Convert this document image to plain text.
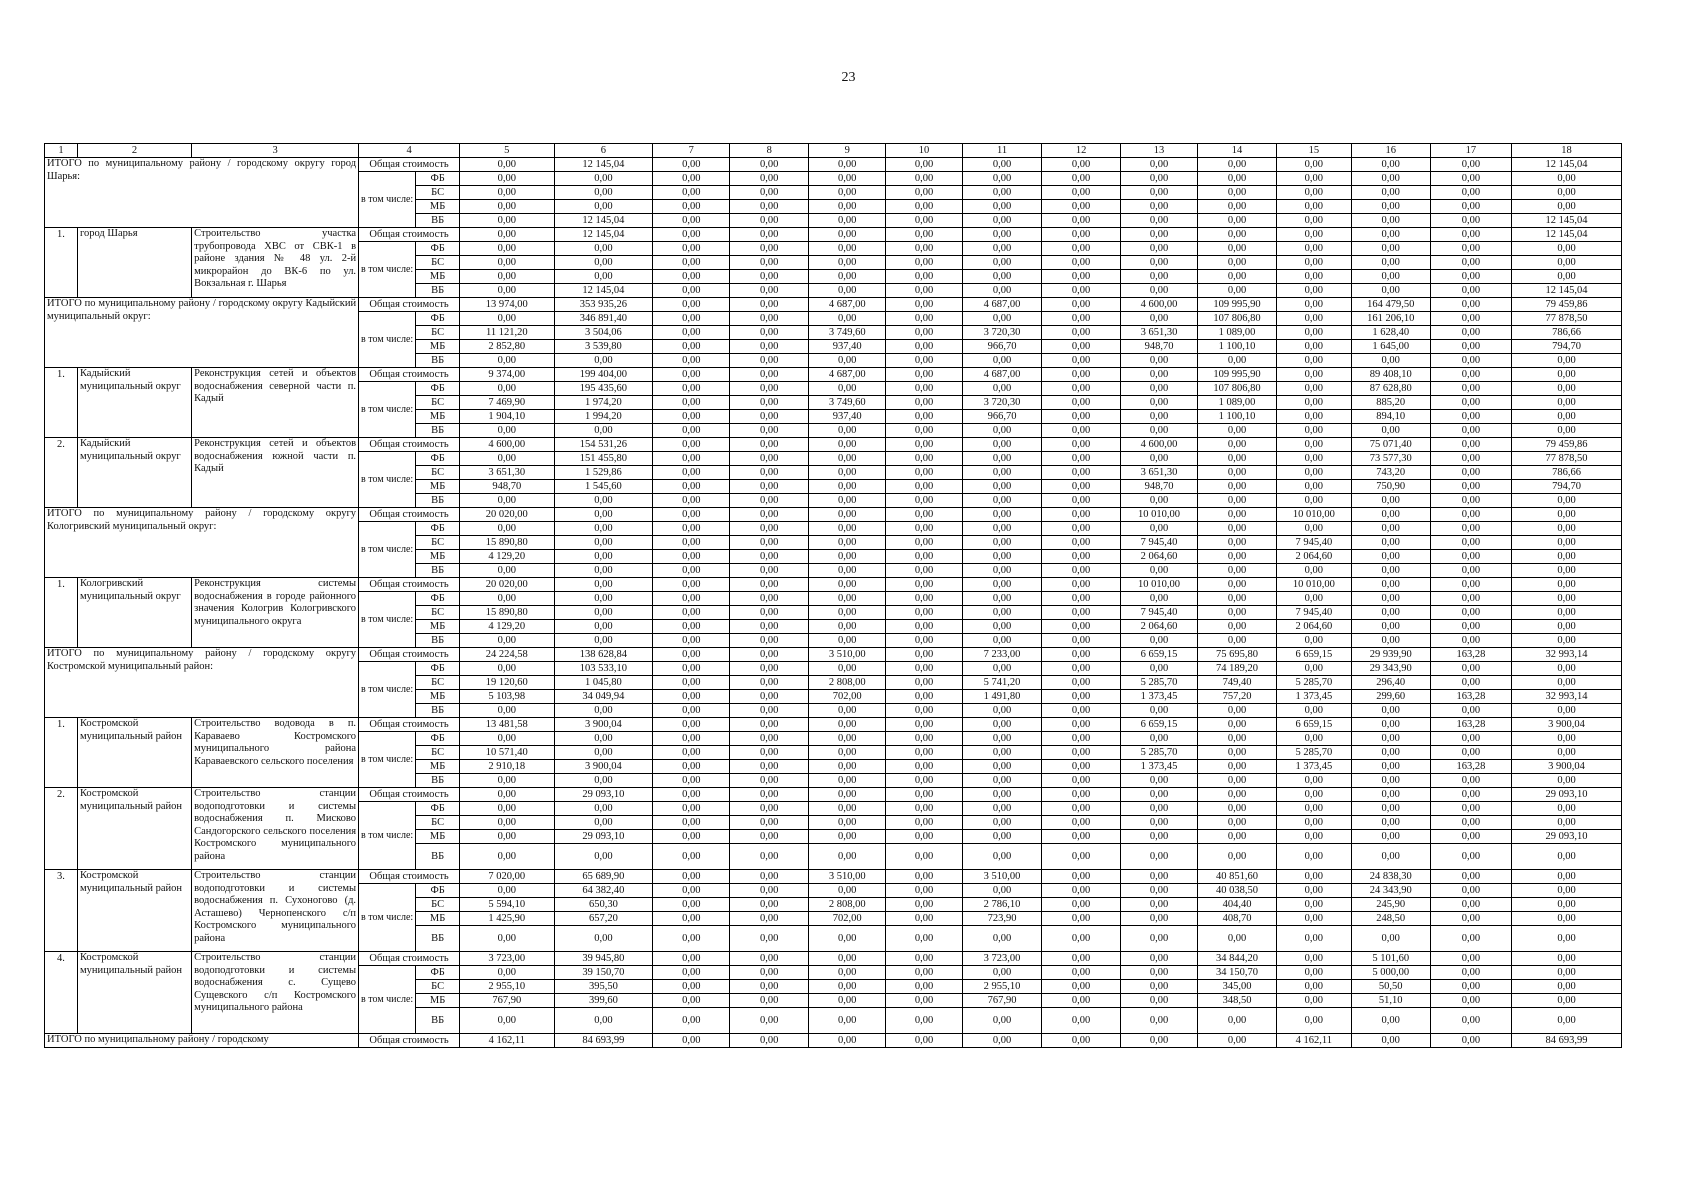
23
1	2	3	4		5	6	7	8	9	10	11	12	13	14	15	16	17	18
ИТОГО по муниципальному району / городскому округу город Шарья:			Общая стоимость		0,00	12 145,04	0,00	0,00	0,00	0,00	0,00	0,00	0,00	0,00	0,00	0,00	0,00	12 145,04
			в том числе:	ФБ	0,00	0,00	0,00	0,00	0,00	0,00	0,00	0,00	0,00	0,00	0,00	0,00	0,00	0,00
				БС	0,00	0,00	0,00	0,00	0,00	0,00	0,00	0,00	0,00	0,00	0,00	0,00	0,00	0,00
				МБ	0,00	0,00	0,00	0,00	0,00	0,00	0,00	0,00	0,00	0,00	0,00	0,00	0,00	0,00
				ВБ	0,00	12 145,04	0,00	0,00	0,00	0,00	0,00	0,00	0,00	0,00	0,00	0,00	0,00	12 145,04
1.	город Шарья	Строительство участка трубопровода ХВС от СВК-1 в районе здания № 48 ул. 2-й микрорайон до ВК-6 по ул. Вокзальная г. Шарья	Общая стоимость		0,00	12 145,04	0,00	0,00	0,00	0,00	0,00	0,00	0,00	0,00	0,00	0,00	0,00	12 145,04
			в том числе:	ФБ	0,00	0,00	0,00	0,00	0,00	0,00	0,00	0,00	0,00	0,00	0,00	0,00	0,00	0,00
				БС	0,00	0,00	0,00	0,00	0,00	0,00	0,00	0,00	0,00	0,00	0,00	0,00	0,00	0,00
				МБ	0,00	0,00	0,00	0,00	0,00	0,00	0,00	0,00	0,00	0,00	0,00	0,00	0,00	0,00
				ВБ	0,00	12 145,04	0,00	0,00	0,00	0,00	0,00	0,00	0,00	0,00	0,00	0,00	0,00	12 145,04
ИТОГО по муниципальному району / городскому округу Кадыйский муниципальный округ:			Общая стоимость		13 974,00	353 935,26	0,00	0,00	4 687,00	0,00	4 687,00	0,00	4 600,00	109 995,90	0,00	164 479,50	0,00	79 459,86
			в том числе:	ФБ	0,00	346 891,40	0,00	0,00	0,00	0,00	0,00	0,00	0,00	107 806,80	0,00	161 206,10	0,00	77 878,50
				БС	11 121,20	3 504,06	0,00	0,00	3 749,60	0,00	3 720,30	0,00	3 651,30	1 089,00	0,00	1 628,40	0,00	786,66
				МБ	2 852,80	3 539,80	0,00	0,00	937,40	0,00	966,70	0,00	948,70	1 100,10	0,00	1 645,00	0,00	794,70
				ВБ	0,00	0,00	0,00	0,00	0,00	0,00	0,00	0,00	0,00	0,00	0,00	0,00	0,00	0,00
1.	Кадыйский муниципальный округ	Реконструкция сетей и объектов водоснабжения северной части п. Кадый	Общая стоимость		9 374,00	199 404,00	0,00	0,00	4 687,00	0,00	4 687,00	0,00	0,00	109 995,90	0,00	89 408,10	0,00	0,00
			в том числе:	ФБ	0,00	195 435,60	0,00	0,00	0,00	0,00	0,00	0,00	0,00	107 806,80	0,00	87 628,80	0,00	0,00
				БС	7 469,90	1 974,20	0,00	0,00	3 749,60	0,00	3 720,30	0,00	0,00	1 089,00	0,00	885,20	0,00	0,00
				МБ	1 904,10	1 994,20	0,00	0,00	937,40	0,00	966,70	0,00	0,00	1 100,10	0,00	894,10	0,00	0,00
				ВБ	0,00	0,00	0,00	0,00	0,00	0,00	0,00	0,00	0,00	0,00	0,00	0,00	0,00	0,00
2.	Кадыйский муниципальный округ	Реконструкция сетей и объектов водоснабжения южной части п. Кадый	Общая стоимость		4 600,00	154 531,26	0,00	0,00	0,00	0,00	0,00	0,00	4 600,00	0,00	0,00	75 071,40	0,00	79 459,86
			в том числе:	ФБ	0,00	151 455,80	0,00	0,00	0,00	0,00	0,00	0,00	0,00	0,00	0,00	73 577,30	0,00	77 878,50
				БС	3 651,30	1 529,86	0,00	0,00	0,00	0,00	0,00	0,00	3 651,30	0,00	0,00	743,20	0,00	786,66
				МБ	948,70	1 545,60	0,00	0,00	0,00	0,00	0,00	0,00	948,70	0,00	0,00	750,90	0,00	794,70
				ВБ	0,00	0,00	0,00	0,00	0,00	0,00	0,00	0,00	0,00	0,00	0,00	0,00	0,00	0,00
ИТОГО по муниципальному району / городскому округу Кологривский муниципальный округ:			Общая стоимость		20 020,00	0,00	0,00	0,00	0,00	0,00	0,00	0,00	10 010,00	0,00	10 010,00	0,00	0,00	0,00
			в том числе:	ФБ	0,00	0,00	0,00	0,00	0,00	0,00	0,00	0,00	0,00	0,00	0,00	0,00	0,00	0,00
				БС	15 890,80	0,00	0,00	0,00	0,00	0,00	0,00	0,00	7 945,40	0,00	7 945,40	0,00	0,00	0,00
				МБ	4 129,20	0,00	0,00	0,00	0,00	0,00	0,00	0,00	2 064,60	0,00	2 064,60	0,00	0,00	0,00
				ВБ	0,00	0,00	0,00	0,00	0,00	0,00	0,00	0,00	0,00	0,00	0,00	0,00	0,00	0,00
1.	Кологривский муниципальный округ	Реконструкция системы водоснабжения в городе районного значения Кологрив Кологривского муниципального округа	Общая стоимость		20 020,00	0,00	0,00	0,00	0,00	0,00	0,00	0,00	10 010,00	0,00	10 010,00	0,00	0,00	0,00
			в том числе:	ФБ	0,00	0,00	0,00	0,00	0,00	0,00	0,00	0,00	0,00	0,00	0,00	0,00	0,00	0,00
				БС	15 890,80	0,00	0,00	0,00	0,00	0,00	0,00	0,00	7 945,40	0,00	7 945,40	0,00	0,00	0,00
				МБ	4 129,20	0,00	0,00	0,00	0,00	0,00	0,00	0,00	2 064,60	0,00	2 064,60	0,00	0,00	0,00
				ВБ	0,00	0,00	0,00	0,00	0,00	0,00	0,00	0,00	0,00	0,00	0,00	0,00	0,00	0,00
ИТОГО по муниципальному району / городскому округу Костромской муниципальный район:			Общая стоимость		24 224,58	138 628,84	0,00	0,00	3 510,00	0,00	7 233,00	0,00	6 659,15	75 695,80	6 659,15	29 939,90	163,28	32 993,14
			в том числе:	ФБ	0,00	103 533,10	0,00	0,00	0,00	0,00	0,00	0,00	0,00	74 189,20	0,00	29 343,90	0,00	0,00
				БС	19 120,60	1 045,80	0,00	0,00	2 808,00	0,00	5 741,20	0,00	5 285,70	749,40	5 285,70	296,40	0,00	0,00
				МБ	5 103,98	34 049,94	0,00	0,00	702,00	0,00	1 491,80	0,00	1 373,45	757,20	1 373,45	299,60	163,28	32 993,14
				ВБ	0,00	0,00	0,00	0,00	0,00	0,00	0,00	0,00	0,00	0,00	0,00	0,00	0,00	0,00
1.	Костромской муниципальный район	Строительство водовода в п. Караваево Костромского муниципального района Караваевского сельского поселения	Общая стоимость		13 481,58	3 900,04	0,00	0,00	0,00	0,00	0,00	0,00	6 659,15	0,00	6 659,15	0,00	163,28	3 900,04
			в том числе:	ФБ	0,00	0,00	0,00	0,00	0,00	0,00	0,00	0,00	0,00	0,00	0,00	0,00	0,00	0,00
				БС	10 571,40	0,00	0,00	0,00	0,00	0,00	0,00	0,00	5 285,70	0,00	5 285,70	0,00	0,00	0,00
				МБ	2 910,18	3 900,04	0,00	0,00	0,00	0,00	0,00	0,00	1 373,45	0,00	1 373,45	0,00	163,28	3 900,04
				ВБ	0,00	0,00	0,00	0,00	0,00	0,00	0,00	0,00	0,00	0,00	0,00	0,00	0,00	0,00
2.	Костромской муниципальный район	Строительство станции водоподготовки и системы водоснабжения п. Мисково Сандогорского сельского поселения Костромского муниципального района	Общая стоимость		0,00	29 093,10	0,00	0,00	0,00	0,00	0,00	0,00	0,00	0,00	0,00	0,00	0,00	29 093,10
			в том числе:	ФБ	0,00	0,00	0,00	0,00	0,00	0,00	0,00	0,00	0,00	0,00	0,00	0,00	0,00	0,00
				БС	0,00	0,00	0,00	0,00	0,00	0,00	0,00	0,00	0,00	0,00	0,00	0,00	0,00	0,00
				МБ	0,00	29 093,10	0,00	0,00	0,00	0,00	0,00	0,00	0,00	0,00	0,00	0,00	0,00	29 093,10
				ВБ	0,00	0,00	0,00	0,00	0,00	0,00	0,00	0,00	0,00	0,00	0,00	0,00	0,00	0,00
3.	Костромской муниципальный район	Строительство станции водоподготовки и системы водоснабжения п. Сухоногово (д. Асташево) Чернопенского с/п Костромского муниципального района	Общая стоимость		7 020,00	65 689,90	0,00	0,00	3 510,00	0,00	3 510,00	0,00	0,00	40 851,60	0,00	24 838,30	0,00	0,00
			в том числе:	ФБ	0,00	64 382,40	0,00	0,00	0,00	0,00	0,00	0,00	0,00	40 038,50	0,00	24 343,90	0,00	0,00
				БС	5 594,10	650,30	0,00	0,00	2 808,00	0,00	2 786,10	0,00	0,00	404,40	0,00	245,90	0,00	0,00
				МБ	1 425,90	657,20	0,00	0,00	702,00	0,00	723,90	0,00	0,00	408,70	0,00	248,50	0,00	0,00
				ВБ	0,00	0,00	0,00	0,00	0,00	0,00	0,00	0,00	0,00	0,00	0,00	0,00	0,00	0,00
4.	Костромской муниципальный район	Строительство станции водоподготовки и системы водоснабжения с. Сущево Сущевского с/п Костромского муниципального района	Общая стоимость		3 723,00	39 945,80	0,00	0,00	0,00	0,00	3 723,00	0,00	0,00	34 844,20	0,00	5 101,60	0,00	0,00
			в том числе:	ФБ	0,00	39 150,70	0,00	0,00	0,00	0,00	0,00	0,00	0,00	34 150,70	0,00	5 000,00	0,00	0,00
				БС	2 955,10	395,50	0,00	0,00	0,00	0,00	2 955,10	0,00	0,00	345,00	0,00	50,50	0,00	0,00
				МБ	767,90	399,60	0,00	0,00	0,00	0,00	767,90	0,00	0,00	348,50	0,00	51,10	0,00	0,00
				ВБ	0,00	0,00	0,00	0,00	0,00	0,00	0,00	0,00	0,00	0,00	0,00	0,00	0,00	0,00
ИТОГО по муниципальному району / городскому			Общая стоимость		4 162,11	84 693,99	0,00	0,00	0,00	0,00	0,00	0,00	0,00	0,00	4 162,11	0,00	0,00	84 693,99
